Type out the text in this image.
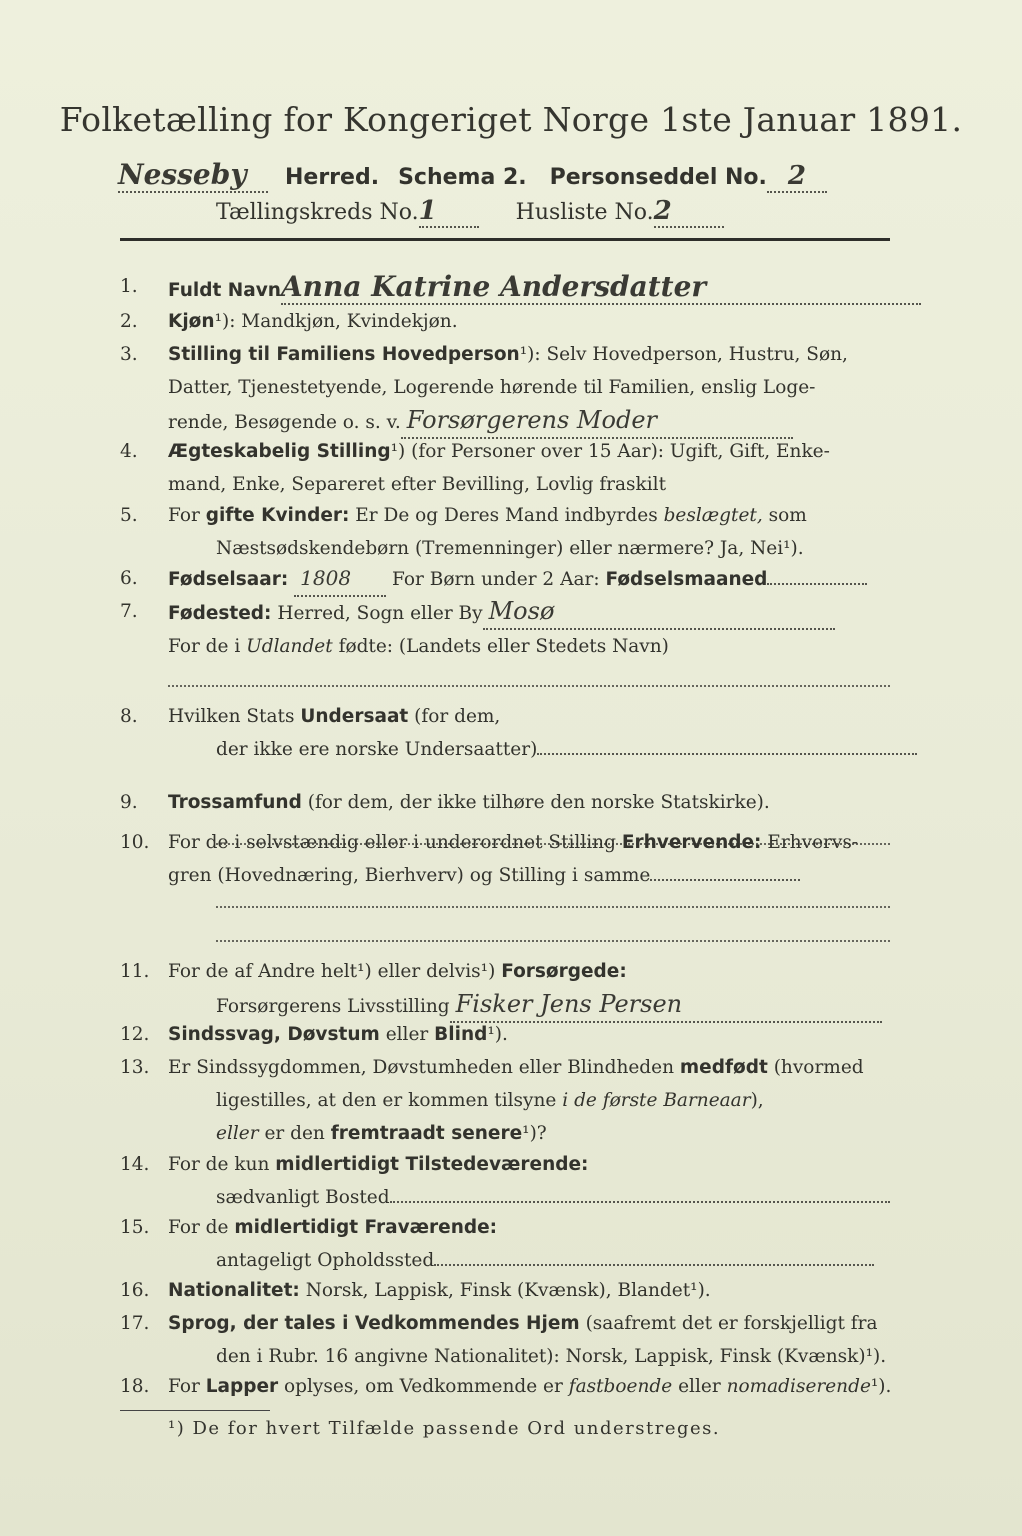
Folketælling for Kongeriget Norge 1ste Januar 1891.
Nesseby Herred. Schema 2. Personseddel No. 2
Tællingskreds No.1	Husliste No.2
1.	Fuldt NavnAnna Katrine Andersdatter
2.	Kjøn¹): Mandkjøn, Kvindekjøn.
3.	Stilling til Familiens Hovedperson¹): Selv Hovedperson, Hustru, Søn,
Datter, Tjenestetyende, Logerende hørende til Familien, enslig Loge-
rende, Besøgende o. s. v. Forsørgerens Moder
4.	Ægteskabelig Stilling¹) (for Personer over 15 Aar): Ugift, Gift, Enke-
mand, Enke, Separeret efter Bevilling, Lovlig fraskilt
5.	For gifte Kvinder: Er De og Deres Mand indbyrdes beslægtet, som
Næstsødskendebørn (Tremenninger) eller nærmere? Ja, Nei¹).
6.	Fødselsaar: 1808 For Børn under 2 Aar: Fødselsmaaned
7.	Fødested: Herred, Sogn eller By Mosø
For de i Udlandet fødte: (Landets eller Stedets Navn)
8.	Hvilken Stats Undersaat (for dem,
der ikke ere norske Undersaatter)
9.	Trossamfund (for dem, der ikke tilhøre den norske Statskirke).
10.	For de i selvstændig eller i underordnet Stilling Erhvervende: Erhvervs-
gren (Hovednæring, Bierhverv) og Stilling i samme
11.	For de af Andre helt¹) eller delvis¹) Forsørgede:
Forsørgerens Livsstilling Fisker Jens Persen
12.	Sindssvag, Døvstum eller Blind¹).
13.	Er Sindssygdommen, Døvstumheden eller Blindheden medfødt (hvormed
ligestilles, at den er kommen tilsyne i de første Barneaar),
eller er den fremtraadt senere¹)?
14.	For de kun midlertidigt Tilstedeværende:
sædvanligt Bosted
15.	For de midlertidigt Fraværende:
antageligt Opholdssted
16.	Nationalitet: Norsk, Lappisk, Finsk (Kvænsk), Blandet¹).
17.	Sprog, der tales i Vedkommendes Hjem (saafremt det er forskjelligt fra
den i Rubr. 16 angivne Nationalitet): Norsk, Lappisk, Finsk (Kvænsk)¹).
18.	For Lapper oplyses, om Vedkommende er fastboende eller nomadiserende¹).
¹) De for hvert Tilfælde passende Ord understreges.
